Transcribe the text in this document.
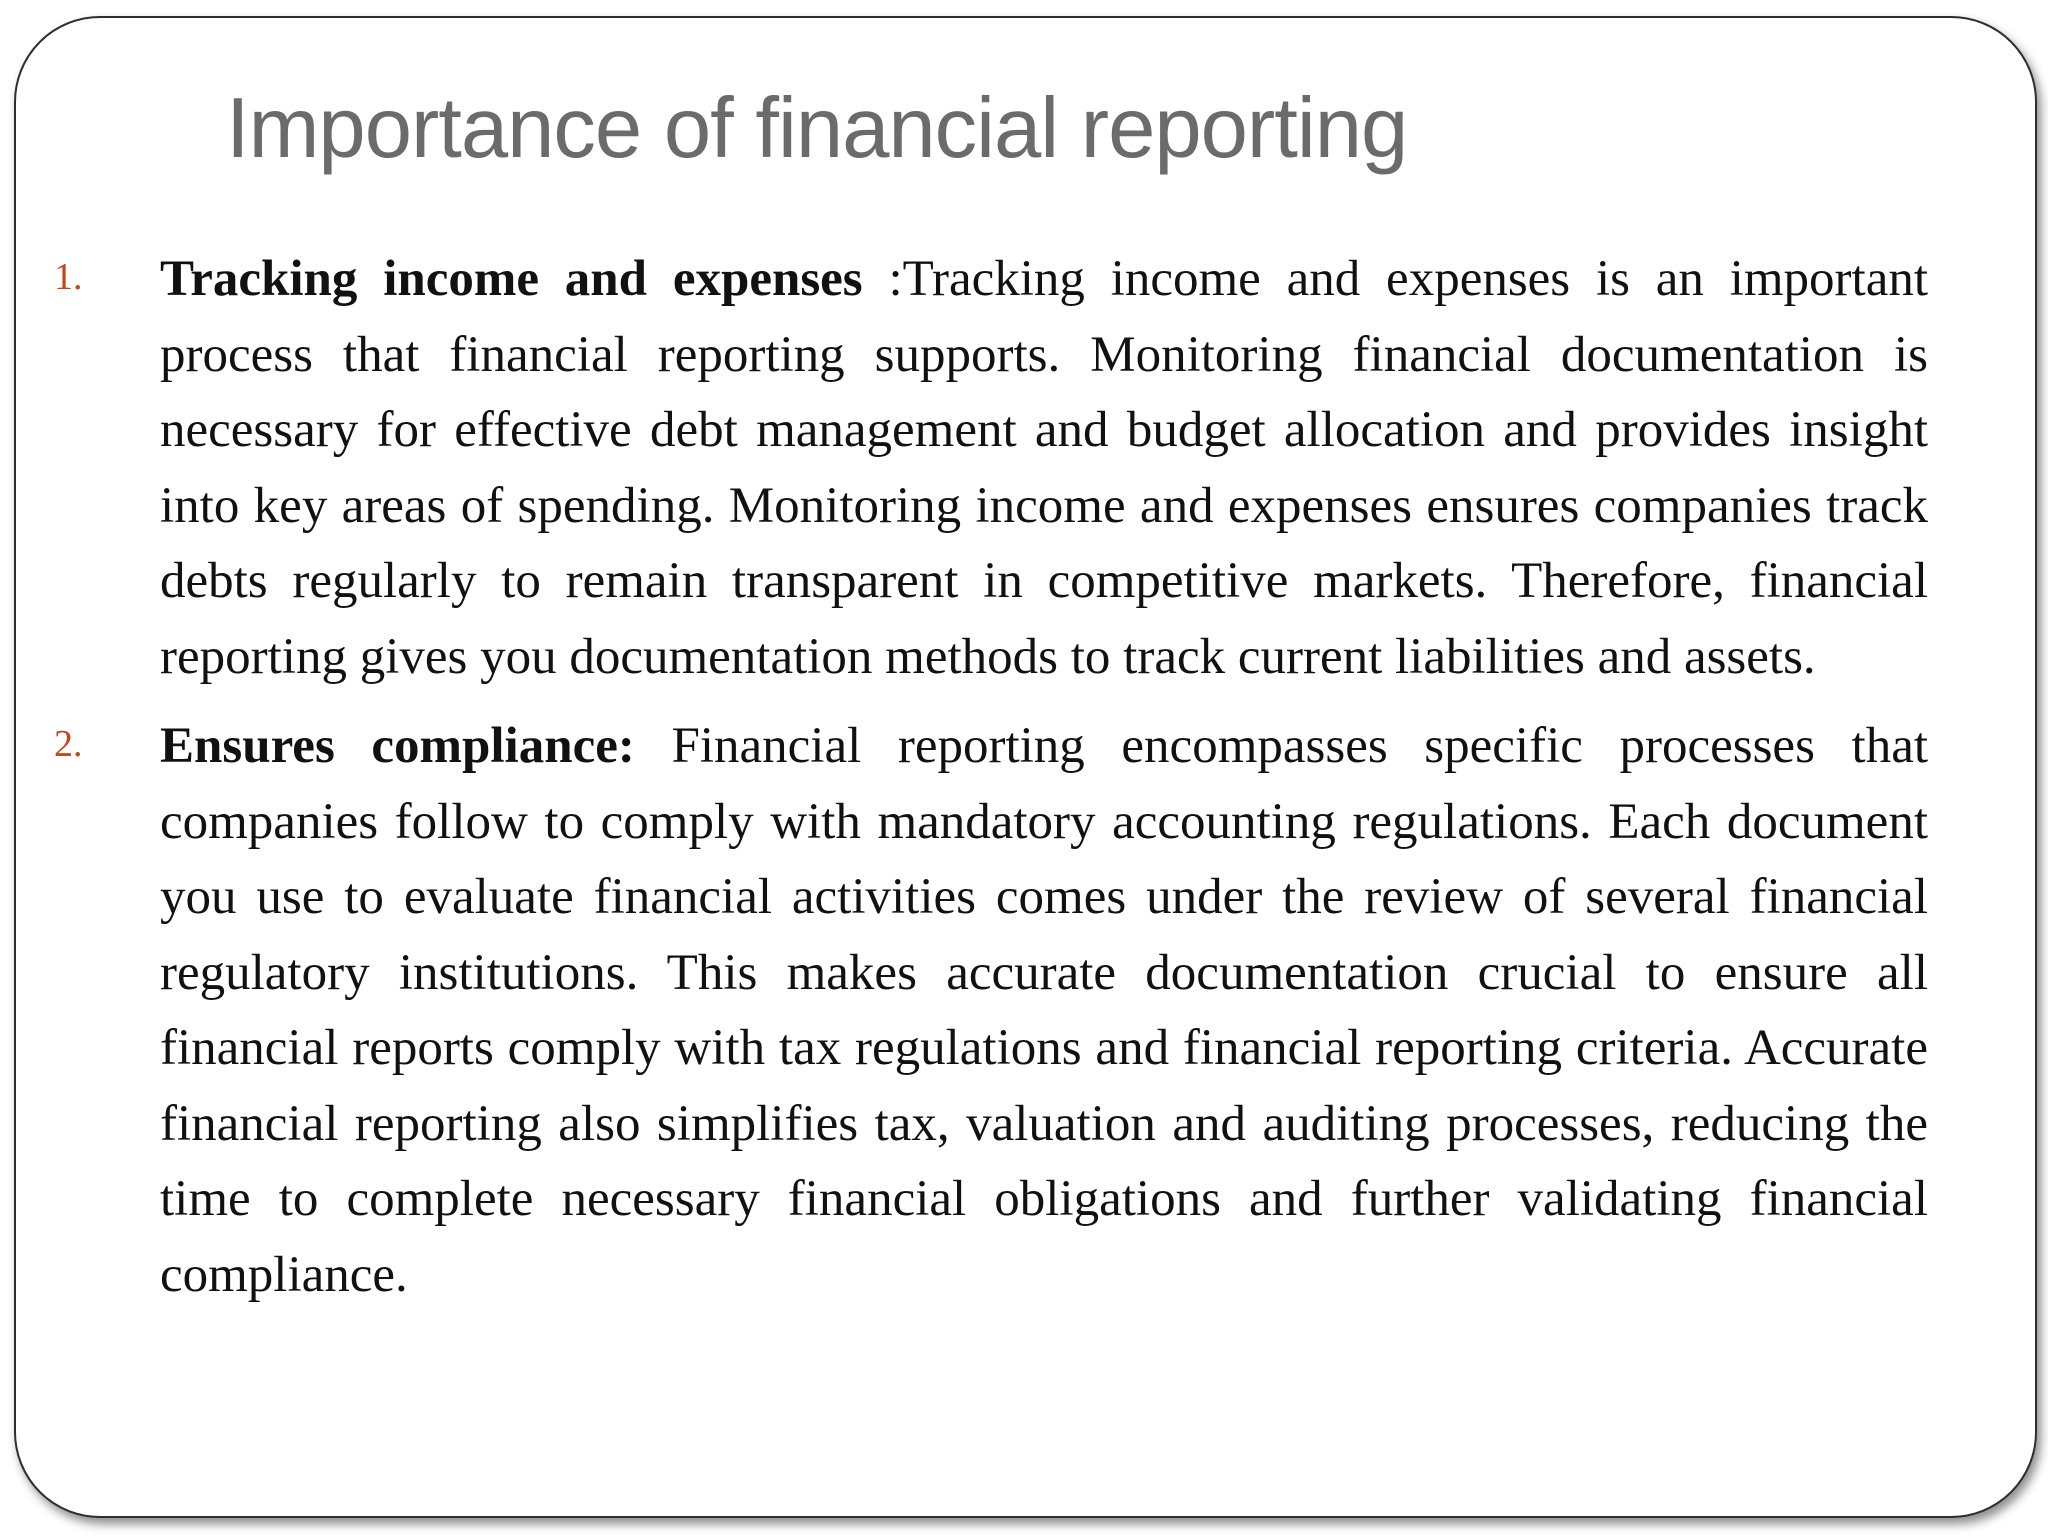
Importance of financial reporting
1. Tracking income and expenses :Tracking income and expenses is an important process that financial reporting supports. Monitoring financial documentation is necessary for effective debt management and budget allocation and provides insight into key areas of spending. Monitoring income and expenses ensures companies track debts regularly to remain transparent in competitive markets. Therefore, financial reporting gives you documentation methods to track current liabilities and assets.

2. Ensures compliance: Financial reporting encompasses specific processes that companies follow to comply with mandatory accounting regulations. Each document you use to evaluate financial activities comes under the review of several financial regulatory institutions. This makes accurate documentation crucial to ensure all financial reports comply with tax regulations and financial reporting criteria. Accurate financial reporting also simplifies tax, valuation and auditing processes, reducing the time to complete necessary financial obligations and further validating financial compliance.
